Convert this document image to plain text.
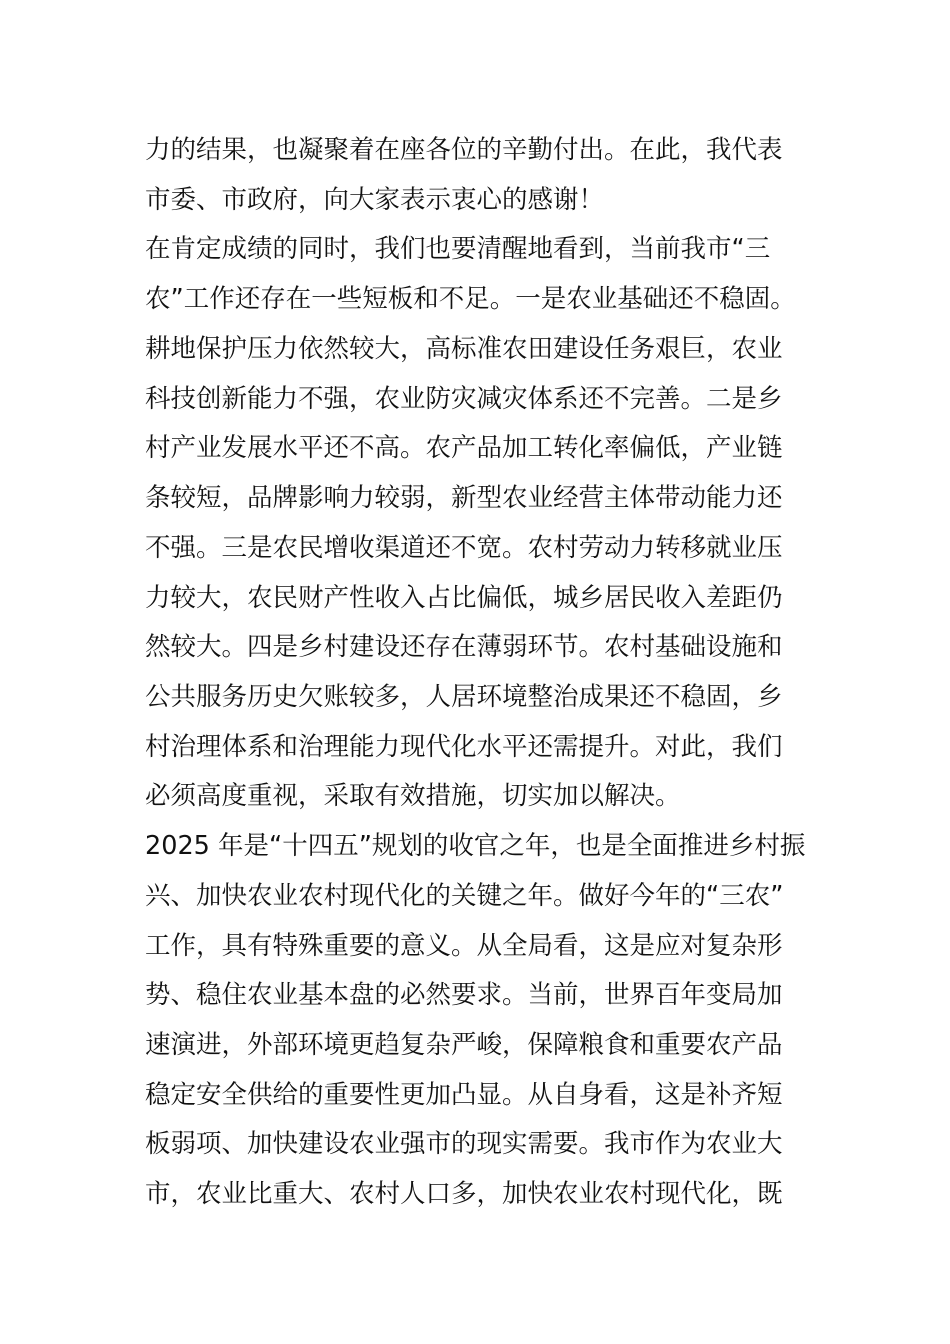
力的结果，也凝聚着在座各位的辛勤付出。在此，我代表
市委、市政府，向大家表示衷心的感谢！
在肯定成绩的同时，我们也要清醒地看到，当前我市“三
农”工作还存在一些短板和不足。一是农业基础还不稳固。
耕地保护压力依然较大，高标准农田建设任务艰巨，农业
科技创新能力不强，农业防灾减灾体系还不完善。二是乡
村产业发展水平还不高。农产品加工转化率偏低，产业链
条较短，品牌影响力较弱，新型农业经营主体带动能力还
不强。三是农民增收渠道还不宽。农村劳动力转移就业压
力较大，农民财产性收入占比偏低，城乡居民收入差距仍
然较大。四是乡村建设还存在薄弱环节。农村基础设施和
公共服务历史欠账较多，人居环境整治成果还不稳固，乡
村治理体系和治理能力现代化水平还需提升。对此，我们
必须高度重视，采取有效措施，切实加以解决。
2025 年是“十四五”规划的收官之年，也是全面推进乡村振
兴、加快农业农村现代化的关键之年。做好今年的“三农”
工作，具有特殊重要的意义。从全局看，这是应对复杂形
势、稳住农业基本盘的必然要求。当前，世界百年变局加
速演进，外部环境更趋复杂严峻，保障粮食和重要农产品
稳定安全供给的重要性更加凸显。从自身看，这是补齐短
板弱项、加快建设农业强市的现实需要。我市作为农业大
市，农业比重大、农村人口多，加快农业农村现代化，既
